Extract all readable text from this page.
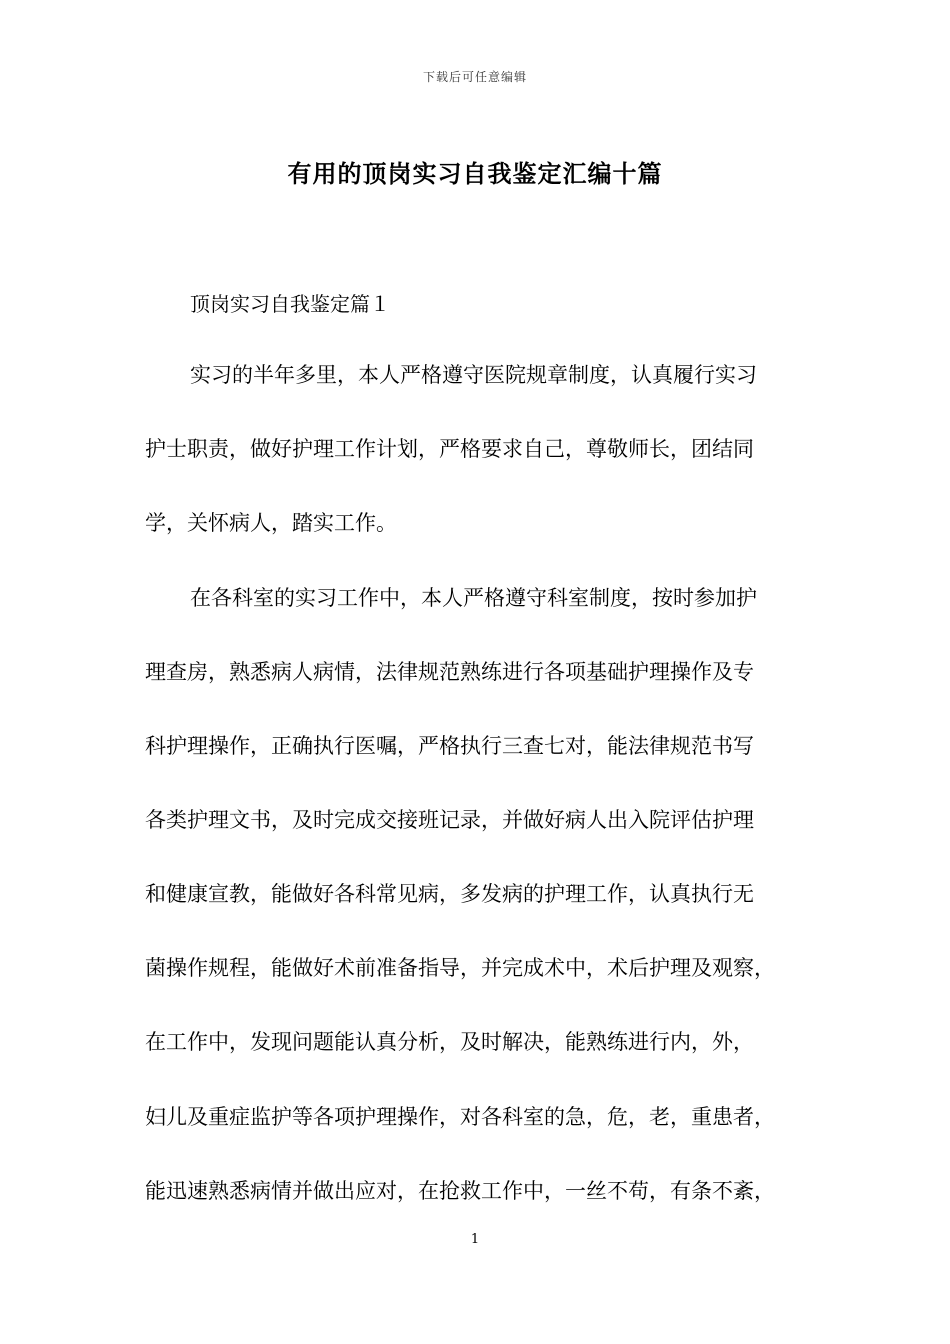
下载后可任意编辑
有用的顶岗实习自我鉴定汇编十篇
顶岗实习自我鉴定篇１
实习的半年多里，本人严格遵守医院规章制度，认真履行实习
护士职责，做好护理工作计划，严格要求自己，尊敬师长，团结同
学，关怀病人，踏实工作。
在各科室的实习工作中，本人严格遵守科室制度，按时参加护
理查房，熟悉病人病情，法律规范熟练进行各项基础护理操作及专
科护理操作，正确执行医嘱，严格执行三查七对，能法律规范书写
各类护理文书，及时完成交接班记录，并做好病人出入院评估护理
和健康宣教，能做好各科常见病，多发病的护理工作，认真执行无
菌操作规程，能做好术前准备指导，并完成术中，术后护理及观察，
在工作中，发现问题能认真分析，及时解决，能熟练进行内，外，
妇儿及重症监护等各项护理操作，对各科室的急，危，老，重患者，
能迅速熟悉病情并做出应对，在抢救工作中，一丝不苟，有条不紊，
1
